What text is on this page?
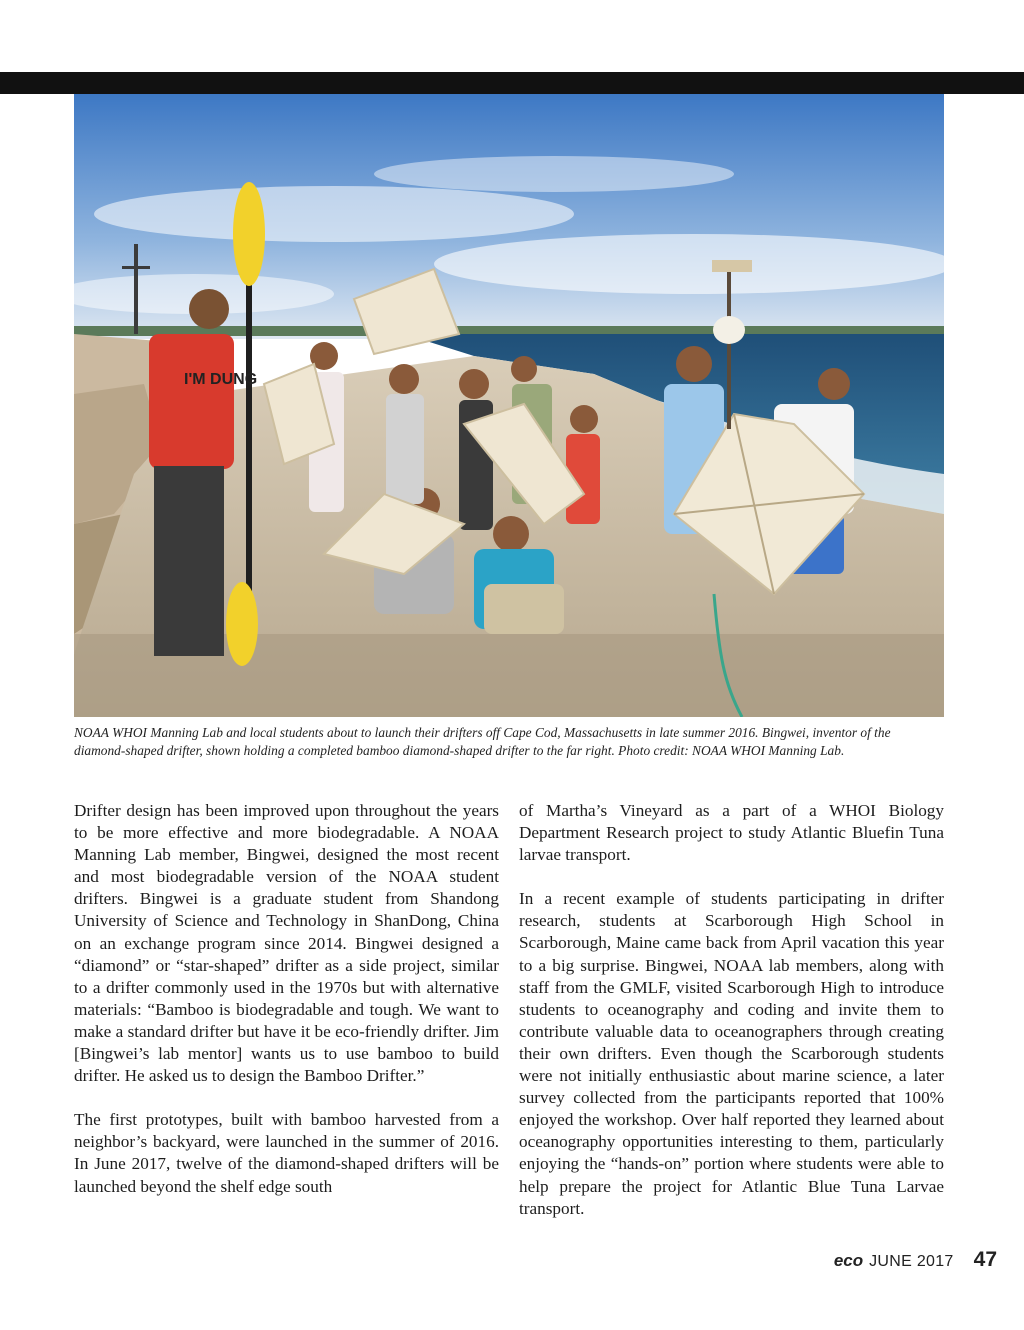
I'M DUNG

NOAA WHOI Manning Lab and local students about to launch their drifters off Cape Cod, Massachusetts in late summer 2016. Bingwei, inventor of the diamond-shaped drifter, shown holding a completed bamboo diamond-shaped drifter to the far right. Photo credit: NOAA WHOI Manning Lab.

Drifter design has been improved upon throughout the years to be more effective and more biodegradable. A NOAA Manning Lab member, Bingwei, designed the most recent and most biodegradable version of the NOAA student drifters. Bingwei is a graduate student from Shandong University of Science and Technology in ShanDong, China on an exchange program since 2014. Bingwei designed a “diamond” or “star-shaped” drifter as a side project, similar to a drifter commonly used in the 1970s but with alternative materials: “Bamboo is biodegradable and tough. We want to make a standard drifter but have it be eco-friendly drifter. Jim [Bingwei’s lab mentor] wants us to use bamboo to build drifter. He asked us to design the Bamboo Drifter.”

The first prototypes, built with bamboo harvested from a neighbor’s backyard, were launched in the summer of 2016. In June 2017, twelve of the diamond-shaped drifters will be launched beyond the shelf edge south

of Martha’s Vineyard as a part of a WHOI Biology Department Research project to study Atlantic Bluefin Tuna larvae transport.

In a recent example of students participating in drifter research, students at Scarborough High School in Scarborough, Maine came back from April vacation this year to a big surprise. Bingwei, NOAA lab members, along with staff from the GMLF, visited Scarborough High to introduce students to oceanography and coding and invite them to contribute valuable data to oceanographers through creating their own drifters. Even though the Scarborough students were not initially enthusiastic about marine science, a later survey collected from the participants reported that 100% enjoyed the workshop. Over half reported they learned about oceanography opportunities interesting to them, particularly enjoying the “hands-on” portion where students were able to help prepare the project for Atlantic Blue Tuna Larvae transport.

eco JUNE 2017 47
